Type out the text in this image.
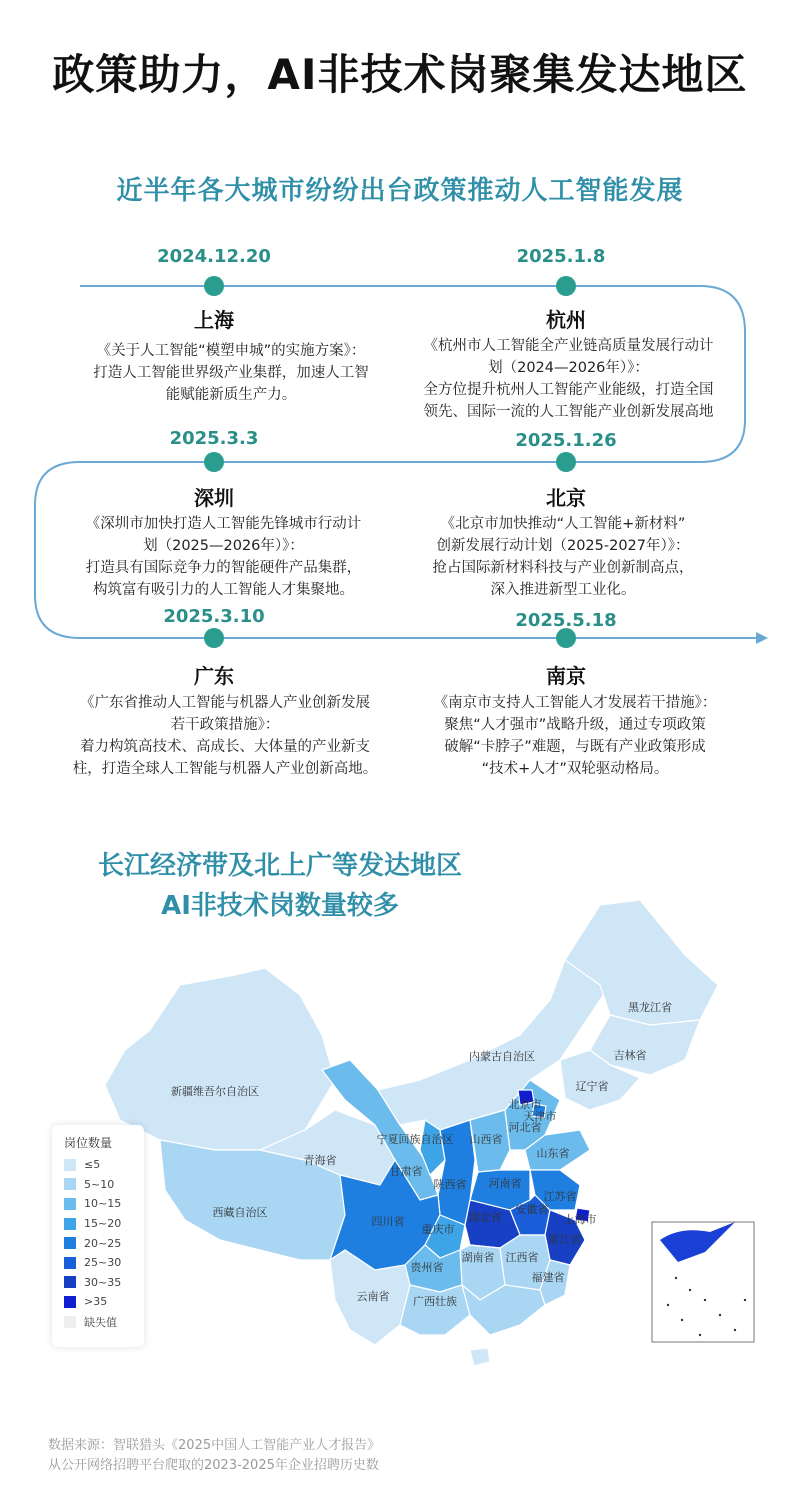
政策助力，AI非技术岗聚集发达地区
近半年各大城市纷纷出台政策推动人工智能发展
2024.12.20
上海
《关于人工智能“模塑申城”的实施方案》：
打造人工智能世界级产业集群，加速人工智
能赋能新质生产力。
2025.1.8
杭州
《杭州市人工智能全产业链高质量发展行动计
划（2024—2026年）》：
全方位提升杭州人工智能产业能级，打造全国
领先、国际一流的人工智能产业创新发展高地
2025.3.3
深圳
《深圳市加快打造人工智能先锋城市行动计
划（2025—2026年）》：
打造具有国际竞争力的智能硬件产品集群，
构筑富有吸引力的人工智能人才集聚地。
2025.1.26
北京
《北京市加快推动“人工智能+新材料”
创新发展行动计划（2025-2027年）》：
抢占国际新材料科技与产业创新制高点，
深入推进新型工业化。
2025.3.10
广东
《广东省推动人工智能与机器人产业创新发展
若干政策措施》：
着力构筑高技术、高成长、大体量的产业新支
柱，打造全球人工智能与机器人产业创新高地。
2025.5.18
南京
《南京市支持人工智能人才发展若干措施》：
聚焦“人才强市”战略升级，通过专项政策
破解“卡脖子”难题，与既有产业政策形成
“技术+人才”双轮驱动格局。
长江经济带及北上广等发达地区
AI非技术岗数量较多
黑龙江省
吉林省
辽宁省
内蒙古自治区
新疆维吾尔自治区
北京市
天津市
河北省
山西省
宁夏回族自治区
山东省
青海省
甘肃省
河南省
陕西省
江苏省
安徽省
上海市
西藏自治区
四川省	湖北省
重庆市
浙江省
贵州省
湖南省 江西省
福建省
云南省 广西壮族
岗位数量
≤5
5~10
10~15
15~20
20~25
25~30
30~35
>35
缺失值
数据来源：智联猎头《2025中国人工智能产业人才报告》
从公开网络招聘平台爬取的2023-2025年企业招聘历史数
